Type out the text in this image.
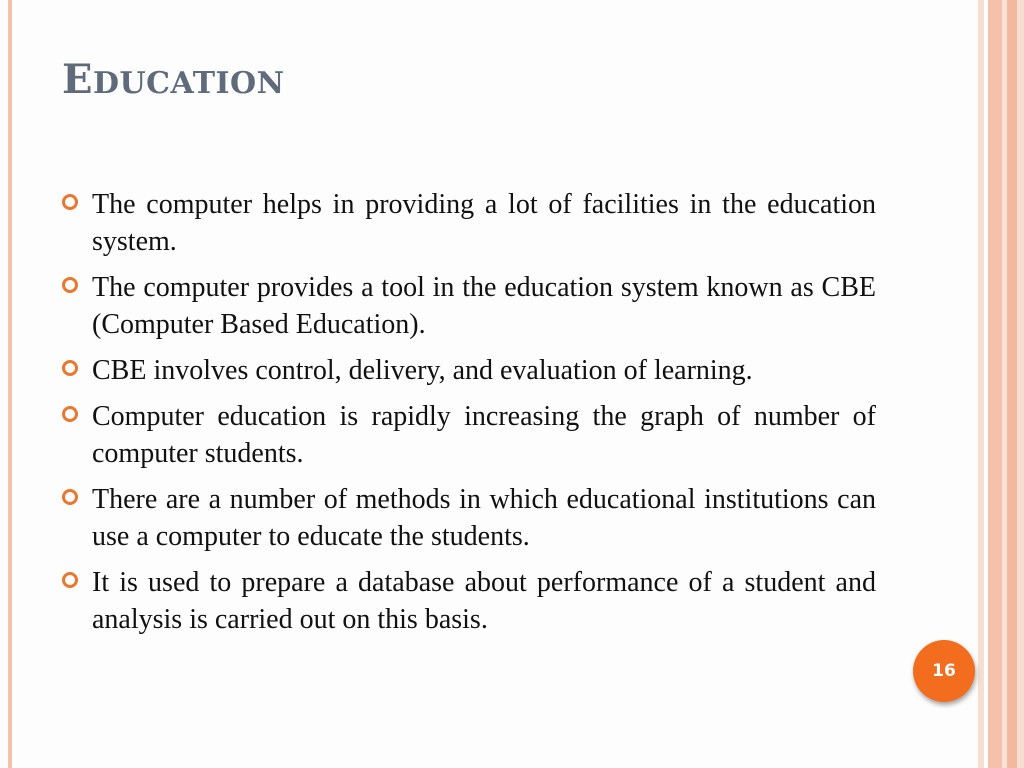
EDUCATION
The computer helps in providing a lot of facilities in the education system.
The computer provides a tool in the education system known as CBE (Computer Based Education).
CBE involves control, delivery, and evaluation of learning.
Computer education is rapidly increasing the graph of number of computer students.
There are a number of methods in which educational institutions can use a computer to educate the students.
It is used to prepare a database about performance of a student and analysis is carried out on this basis.
16
